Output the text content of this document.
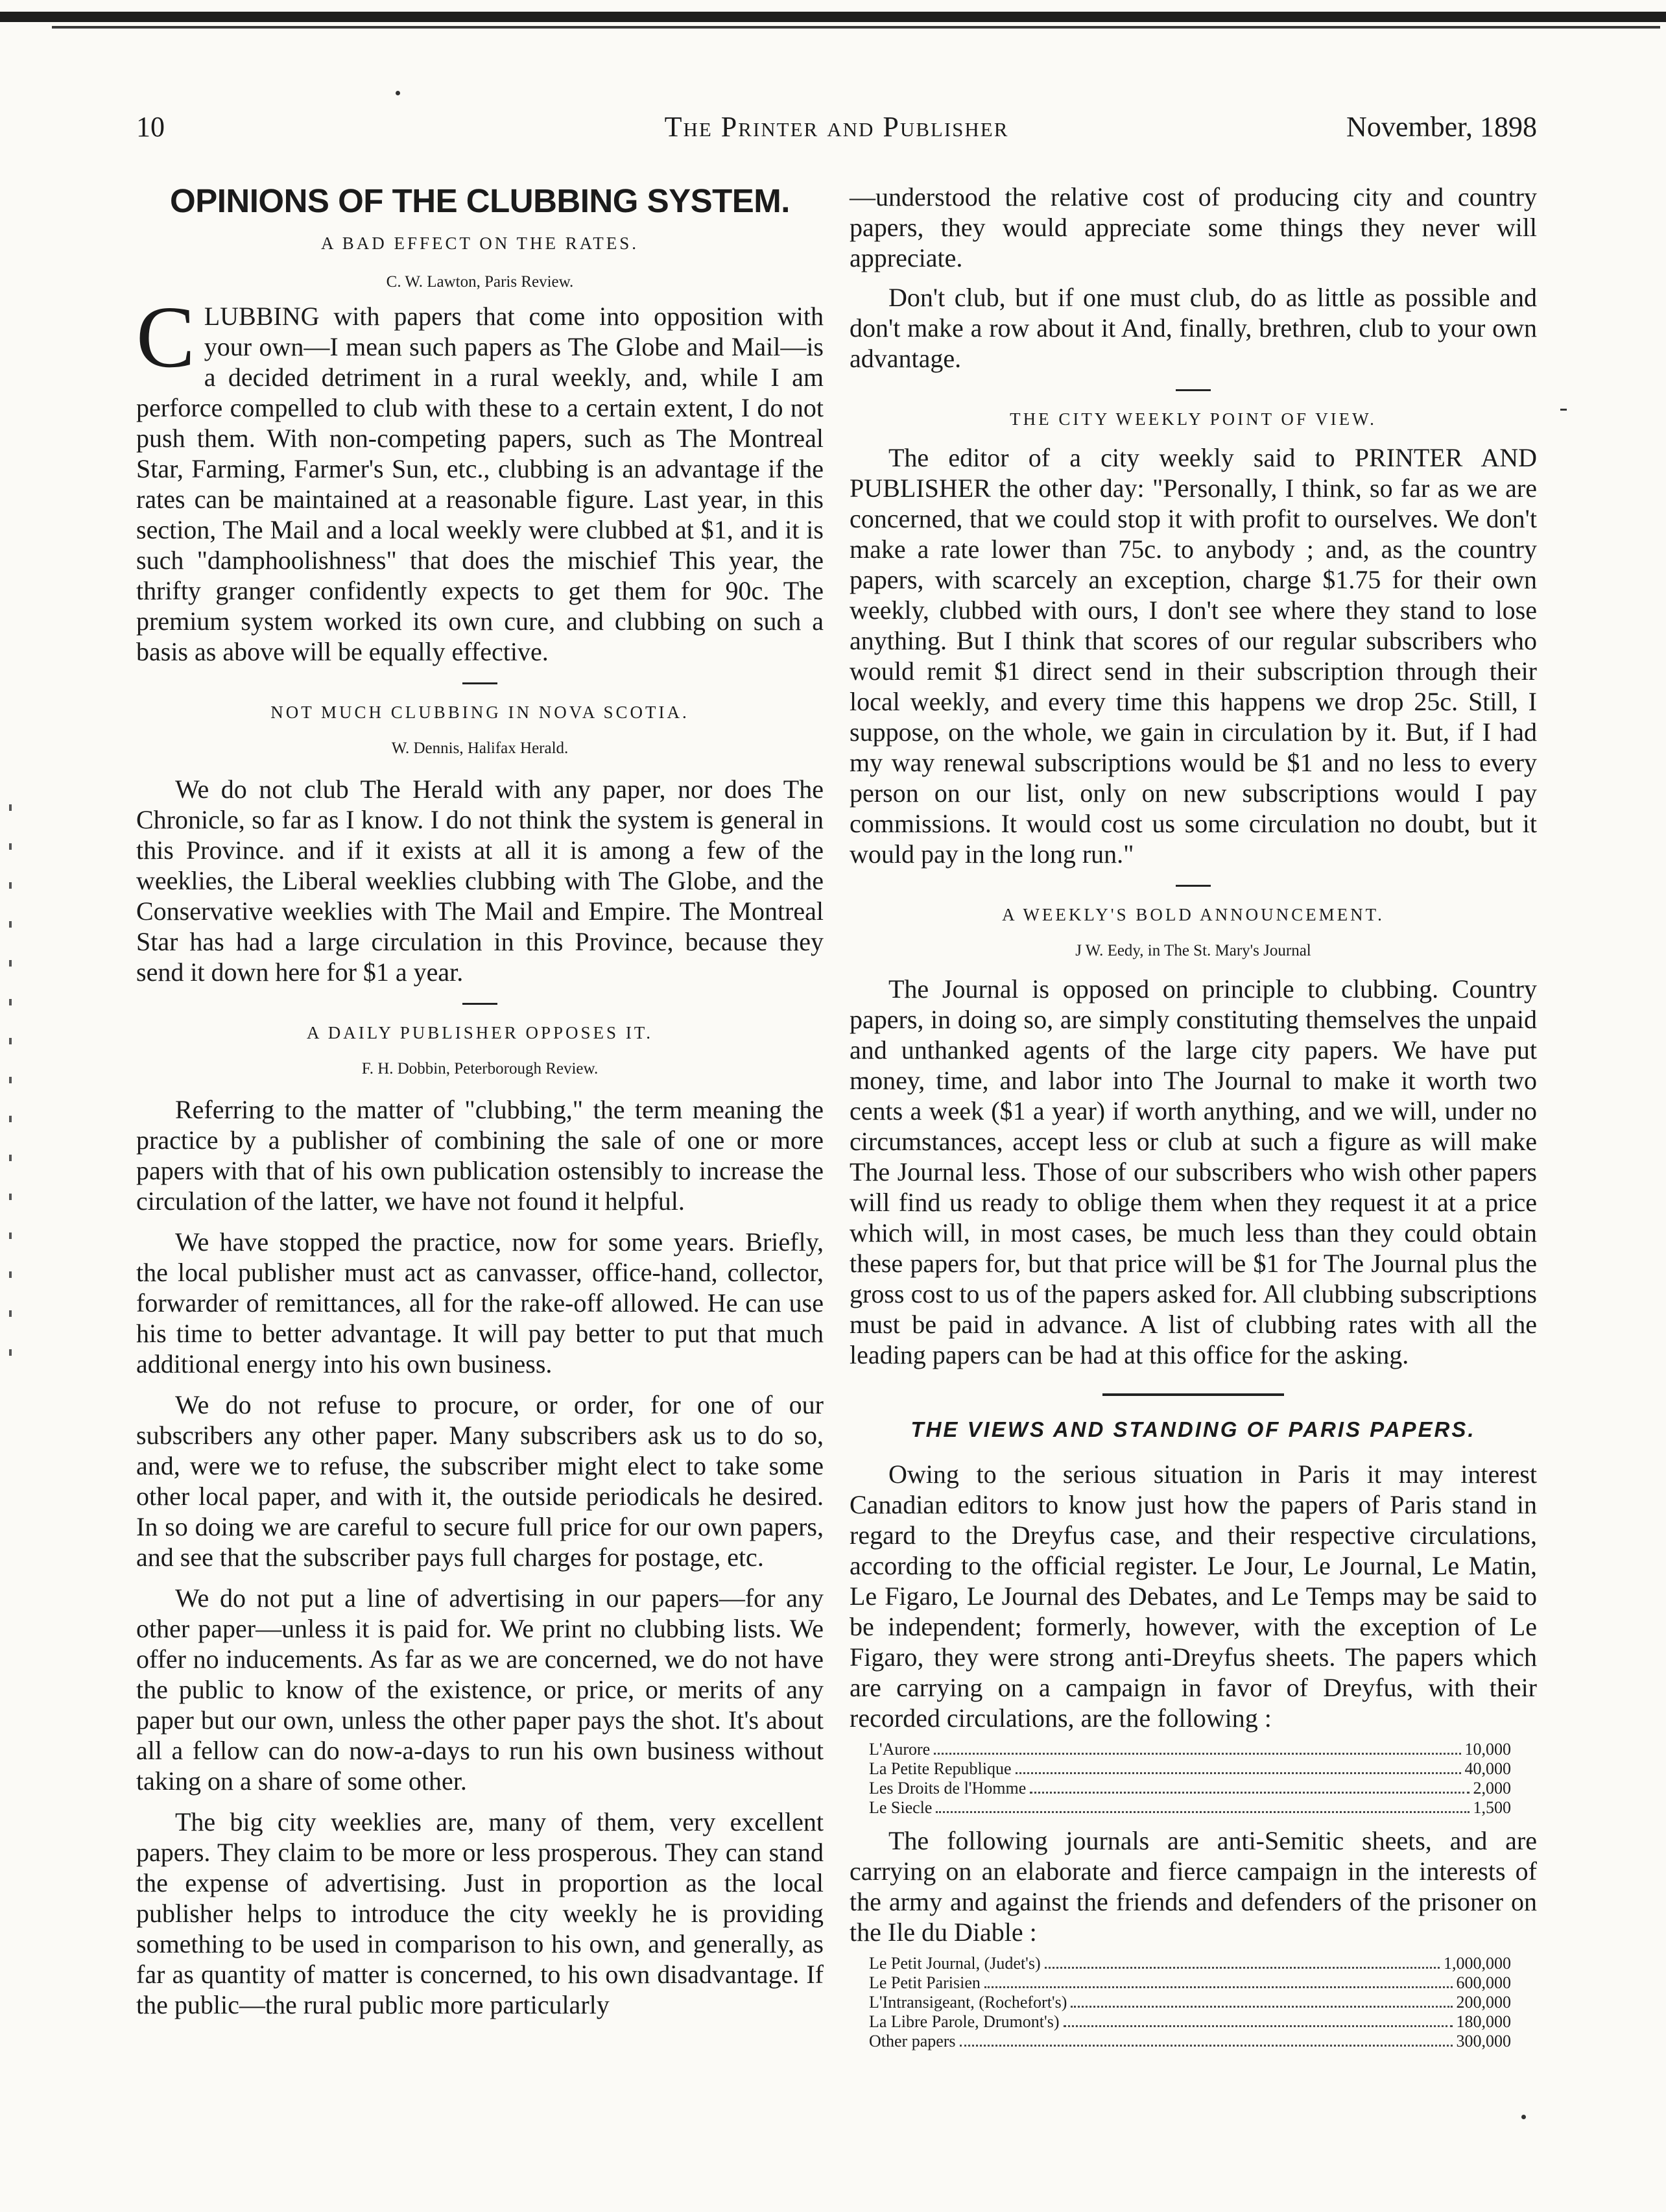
10	The Printer and Publisher	November, 1898
OPINIONS OF THE CLUBBING SYSTEM.
A BAD EFFECT ON THE RATES.
C. W. Lawton, Paris Review.

CLUBBING with papers that come into opposition with your own—I mean such papers as The Globe and Mail—is a decided detriment in a rural weekly, and, while I am perforce compelled to club with these to a certain extent, I do not push them. With non-competing papers, such as The Montreal Star, Farming, Farmer's Sun, etc., clubbing is an advantage if the rates can be maintained at a reasonable figure. Last year, in this section, The Mail and a local weekly were clubbed at $1, and it is such "damphoolishness" that does the mischief This year, the thrifty granger confidently expects to get them for 90c. The premium system worked its own cure, and clubbing on such a basis as above will be equally effective.

NOT MUCH CLUBBING IN NOVA SCOTIA.
W. Dennis, Halifax Herald.

We do not club The Herald with any paper, nor does The Chronicle, so far as I know. I do not think the system is general in this Province. and if it exists at all it is among a few of the weeklies, the Liberal weeklies clubbing with The Globe, and the Conservative weeklies with The Mail and Empire. The Montreal Star has had a large circulation in this Province, because they send it down here for $1 a year.

A DAILY PUBLISHER OPPOSES IT.
F. H. Dobbin, Peterborough Review.

Referring to the matter of "clubbing," the term meaning the practice by a publisher of combining the sale of one or more papers with that of his own publication ostensibly to increase the circulation of the latter, we have not found it helpful.

We have stopped the practice, now for some years. Briefly, the local publisher must act as canvasser, office-hand, collector, forwarder of remittances, all for the rake-off allowed. He can use his time to better advantage. It will pay better to put that much additional energy into his own business.

We do not refuse to procure, or order, for one of our subscribers any other paper. Many subscribers ask us to do so, and, were we to refuse, the subscriber might elect to take some other local paper, and with it, the outside periodicals he desired. In so doing we are careful to secure full price for our own papers, and see that the subscriber pays full charges for postage, etc.

We do not put a line of advertising in our papers—for any other paper—unless it is paid for. We print no clubbing lists. We offer no inducements. As far as we are concerned, we do not have the public to know of the existence, or price, or merits of any paper but our own, unless the other paper pays the shot. It's about all a fellow can do now-a-days to run his own business without taking on a share of some other.

The big city weeklies are, many of them, very excellent papers. They claim to be more or less prosperous. They can stand the expense of advertising. Just in proportion as the local publisher helps to introduce the city weekly he is providing something to be used in comparison to his own, and generally, as far as quantity of matter is concerned, to his own disadvantage. If the public—the rural public more particularly

—understood the relative cost of producing city and country papers, they would appreciate some things they never will appreciate.

Don't club, but if one must club, do as little as possible and don't make a row about it And, finally, brethren, club to your own advantage.

THE CITY WEEKLY POINT OF VIEW.

The editor of a city weekly said to PRINTER AND PUBLISHER the other day: "Personally, I think, so far as we are concerned, that we could stop it with profit to ourselves. We don't make a rate lower than 75c. to anybody ; and, as the country papers, with scarcely an exception, charge $1.75 for their own weekly, clubbed with ours, I don't see where they stand to lose anything. But I think that scores of our regular subscribers who would remit $1 direct send in their subscription through their local weekly, and every time this happens we drop 25c. Still, I suppose, on the whole, we gain in circulation by it. But, if I had my way renewal subscriptions would be $1 and no less to every person on our list, only on new subscriptions would I pay commissions. It would cost us some circulation no doubt, but it would pay in the long run."

A WEEKLY'S BOLD ANNOUNCEMENT.
J W. Eedy, in The St. Mary's Journal

The Journal is opposed on principle to clubbing. Country papers, in doing so, are simply constituting themselves the unpaid and unthanked agents of the large city papers. We have put money, time, and labor into The Journal to make it worth two cents a week ($1 a year) if worth anything, and we will, under no circumstances, accept less or club at such a figure as will make The Journal less. Those of our subscribers who wish other papers will find us ready to oblige them when they request it at a price which will, in most cases, be much less than they could obtain these papers for, but that price will be $1 for The Journal plus the gross cost to us of the papers asked for. All clubbing subscriptions must be paid in advance. A list of clubbing rates with all the leading papers can be had at this office for the asking.

THE VIEWS AND STANDING OF PARIS PAPERS.

Owing to the serious situation in Paris it may interest Canadian editors to know just how the papers of Paris stand in regard to the Dreyfus case, and their respective circulations, according to the official register. Le Jour, Le Journal, Le Matin, Le Figaro, Le Journal des Debates, and Le Temps may be said to be independent; formerly, however, with the exception of Le Figaro, they were strong anti-Dreyfus sheets. The papers which are carrying on a campaign in favor of Dreyfus, with their recorded circulations, are the following :

L'Aurore	10,000
La Petite Republique	40,000
Les Droits de l'Homme	2,000
Le Siecle	1,500

The following journals are anti-Semitic sheets, and are carrying on an elaborate and fierce campaign in the interests of the army and against the friends and defenders of the prisoner on the Ile du Diable :

Le Petit Journal, (Judet's)	1,000,000
Le Petit Parisien	600,000
L'Intransigeant, (Rochefort's)	200,000
La Libre Parole, Drumont's)	180,000
Other papers	300,000
